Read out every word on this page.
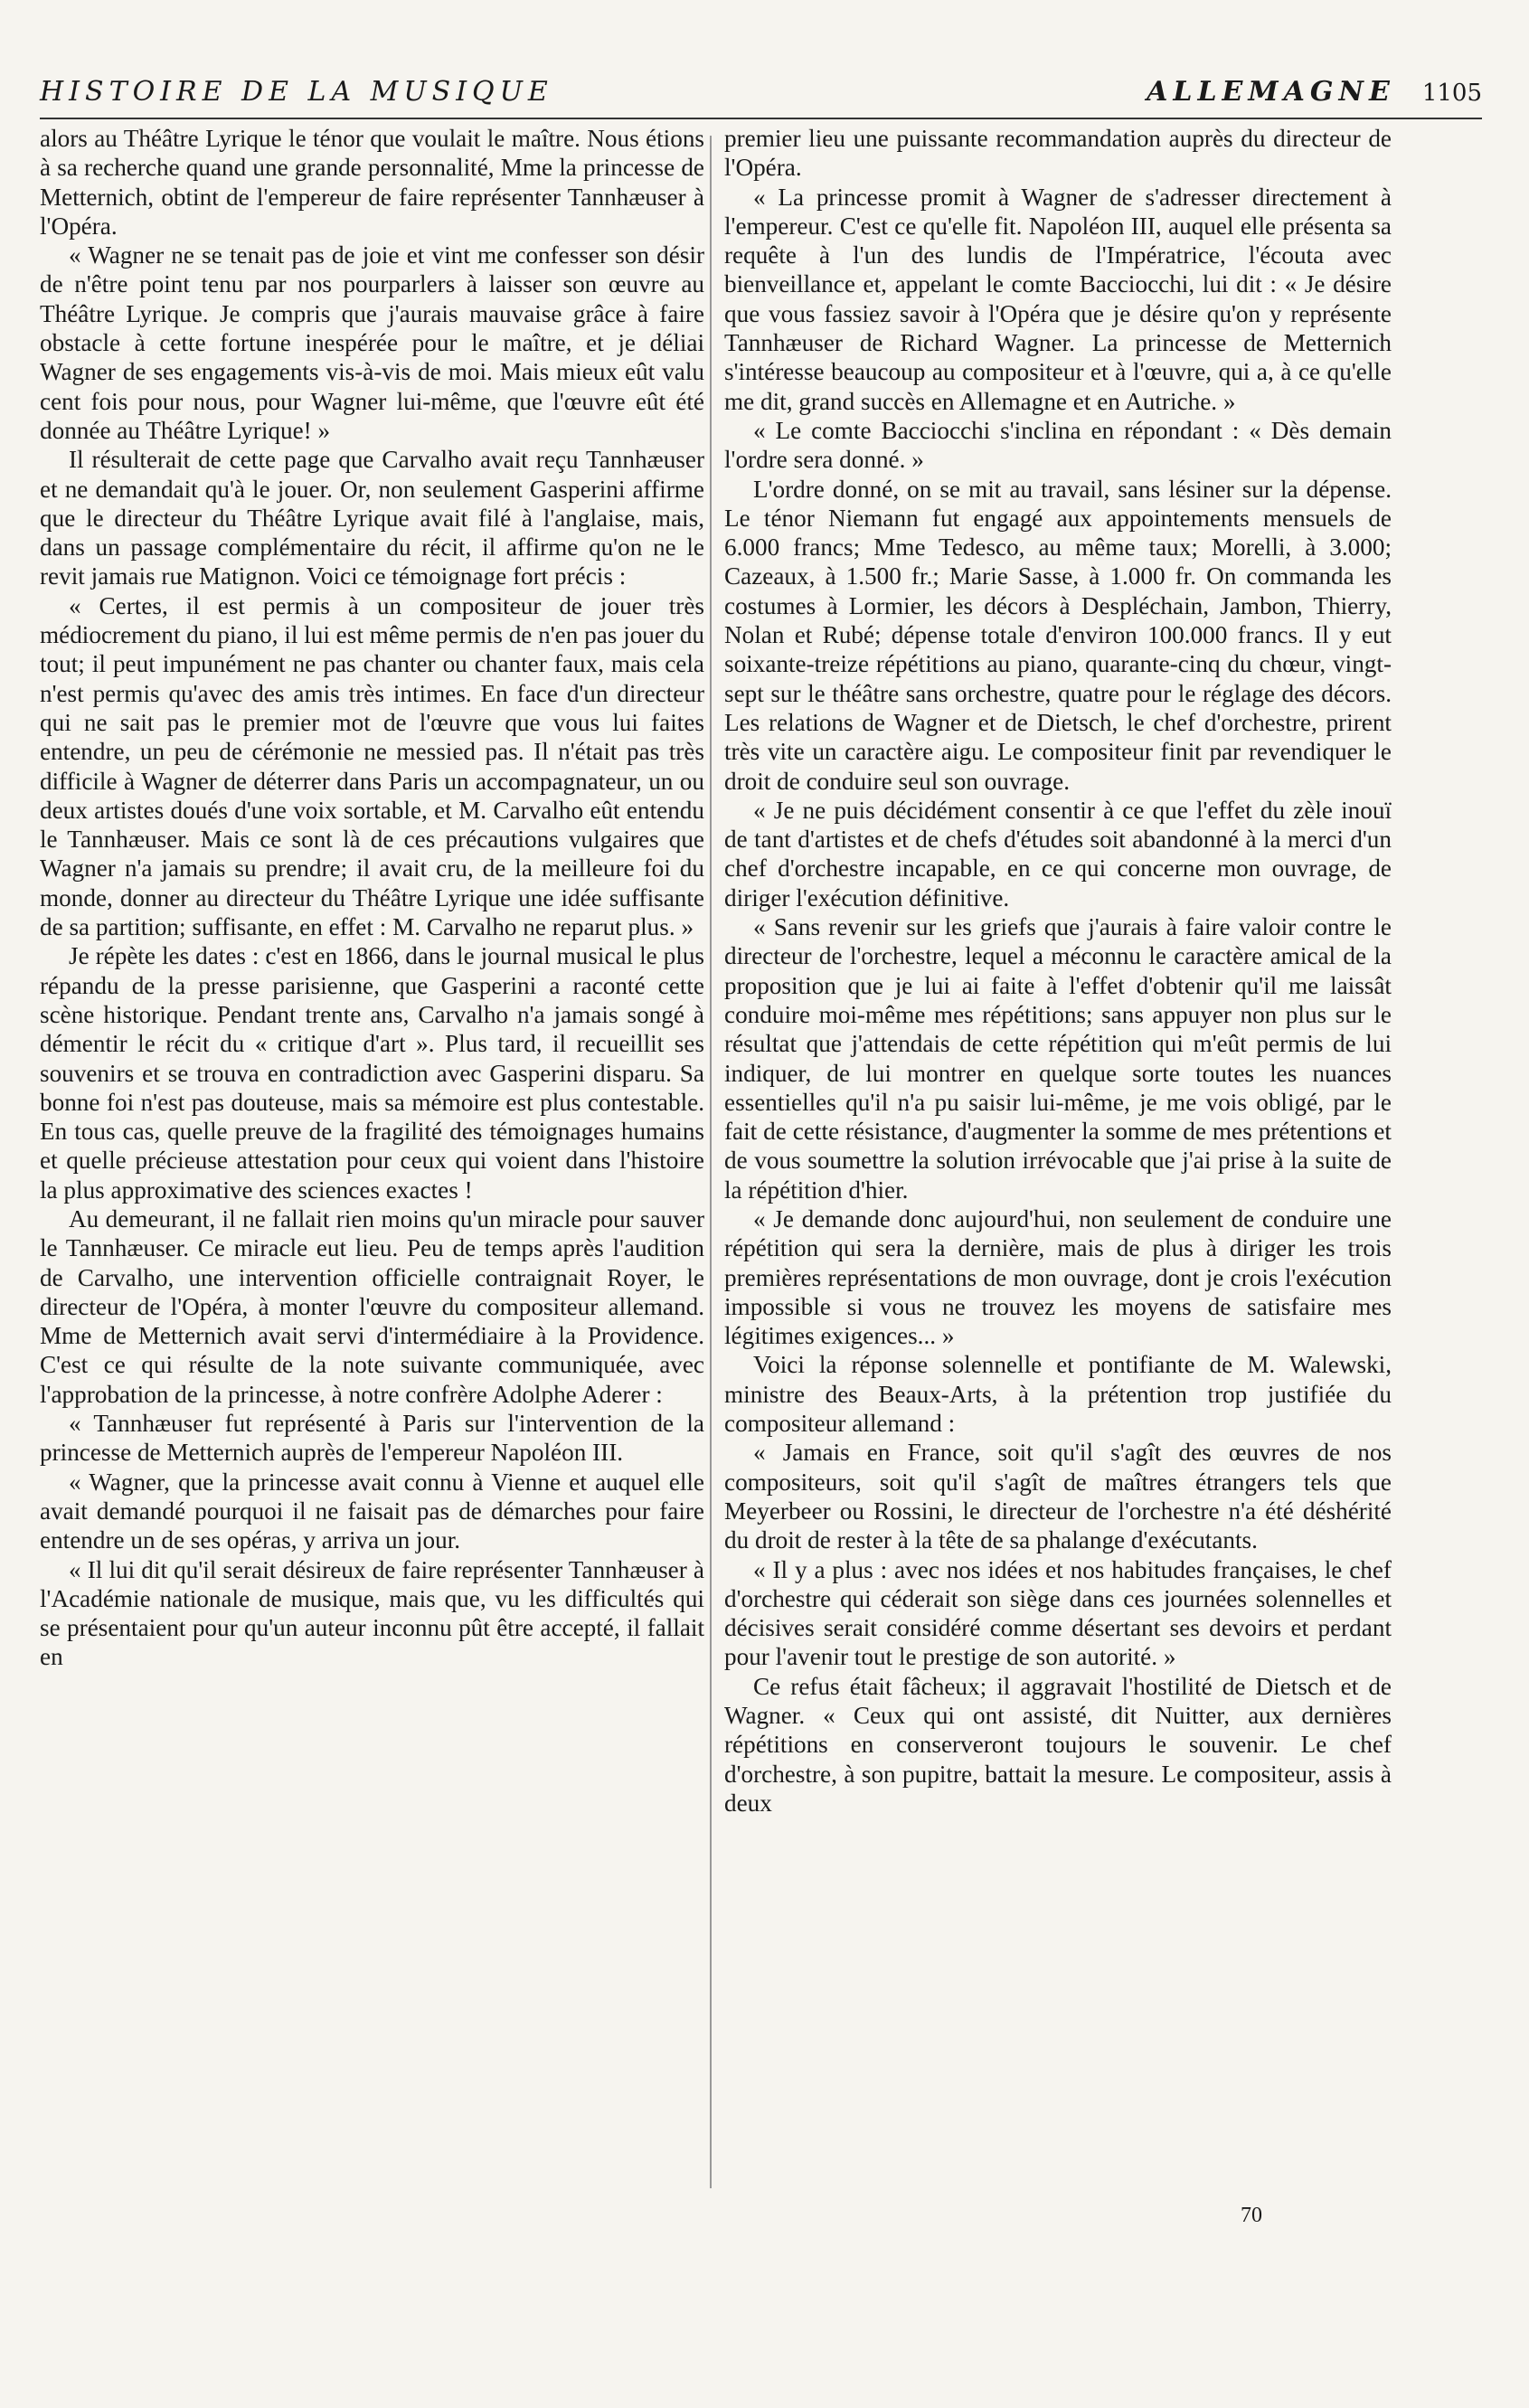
HISTOIRE DE LA MUSIQUE	ALLEMAGNE 1105

alors au Théâtre Lyrique le ténor que voulait le maître. Nous étions à sa recherche quand une grande personnalité, Mme la princesse de Metternich, obtint de l'empereur de faire représenter Tannhæuser à l'Opéra.

« Wagner ne se tenait pas de joie et vint me confesser son désir de n'être point tenu par nos pourparlers à laisser son œuvre au Théâtre Lyrique. Je compris que j'aurais mauvaise grâce à faire obstacle à cette fortune inespérée pour le maître, et je déliai Wagner de ses engagements vis-à-vis de moi. Mais mieux eût valu cent fois pour nous, pour Wagner lui-même, que l'œuvre eût été donnée au Théâtre Lyrique! »

Il résulterait de cette page que Carvalho avait reçu Tannhæuser et ne demandait qu'à le jouer. Or, non seulement Gasperini affirme que le directeur du Théâtre Lyrique avait filé à l'anglaise, mais, dans un passage complémentaire du récit, il affirme qu'on ne le revit jamais rue Matignon. Voici ce témoignage fort précis :

« Certes, il est permis à un compositeur de jouer très médiocrement du piano, il lui est même permis de n'en pas jouer du tout; il peut impunément ne pas chanter ou chanter faux, mais cela n'est permis qu'avec des amis très intimes. En face d'un directeur qui ne sait pas le premier mot de l'œuvre que vous lui faites entendre, un peu de cérémonie ne messied pas. Il n'était pas très difficile à Wagner de déterrer dans Paris un accompagnateur, un ou deux artistes doués d'une voix sortable, et M. Carvalho eût entendu le Tannhæuser. Mais ce sont là de ces précautions vulgaires que Wagner n'a jamais su prendre; il avait cru, de la meilleure foi du monde, donner au directeur du Théâtre Lyrique une idée suffisante de sa partition; suffisante, en effet : M. Carvalho ne reparut plus. »

Je répète les dates : c'est en 1866, dans le journal musical le plus répandu de la presse parisienne, que Gasperini a raconté cette scène historique. Pendant trente ans, Carvalho n'a jamais songé à démentir le récit du « critique d'art ». Plus tard, il recueillit ses souvenirs et se trouva en contradiction avec Gasperini disparu. Sa bonne foi n'est pas douteuse, mais sa mémoire est plus contestable. En tous cas, quelle preuve de la fragilité des témoignages humains et quelle précieuse attestation pour ceux qui voient dans l'histoire la plus approximative des sciences exactes !

Au demeurant, il ne fallait rien moins qu'un miracle pour sauver le Tannhæuser. Ce miracle eut lieu. Peu de temps après l'audition de Carvalho, une intervention officielle contraignait Royer, le directeur de l'Opéra, à monter l'œuvre du compositeur allemand. Mme de Metternich avait servi d'intermédiaire à la Providence. C'est ce qui résulte de la note suivante communiquée, avec l'approbation de la princesse, à notre confrère Adolphe Aderer :

« Tannhæuser fut représenté à Paris sur l'intervention de la princesse de Metternich auprès de l'empereur Napoléon III.

« Wagner, que la princesse avait connu à Vienne et auquel elle avait demandé pourquoi il ne faisait pas de démarches pour faire entendre un de ses opéras, y arriva un jour.

« Il lui dit qu'il serait désireux de faire représenter Tannhæuser à l'Académie nationale de musique, mais que, vu les difficultés qui se présentaient pour qu'un auteur inconnu pût être accepté, il fallait en

premier lieu une puissante recommandation auprès du directeur de l'Opéra.

« La princesse promit à Wagner de s'adresser directement à l'empereur. C'est ce qu'elle fit. Napoléon III, auquel elle présenta sa requête à l'un des lundis de l'Impératrice, l'écouta avec bienveillance et, appelant le comte Bacciocchi, lui dit : « Je désire que vous fassiez savoir à l'Opéra que je désire qu'on y représente Tannhæuser de Richard Wagner. La princesse de Metternich s'intéresse beaucoup au compositeur et à l'œuvre, qui a, à ce qu'elle me dit, grand succès en Allemagne et en Autriche. »

« Le comte Bacciocchi s'inclina en répondant : « Dès demain l'ordre sera donné. »

L'ordre donné, on se mit au travail, sans lésiner sur la dépense. Le ténor Niemann fut engagé aux appointements mensuels de 6.000 francs; Mme Tedesco, au même taux; Morelli, à 3.000; Cazeaux, à 1.500 fr.; Marie Sasse, à 1.000 fr. On commanda les costumes à Lormier, les décors à Despléchain, Jambon, Thierry, Nolan et Rubé; dépense totale d'environ 100.000 francs. Il y eut soixante-treize répétitions au piano, quarante-cinq du chœur, vingt-sept sur le théâtre sans orchestre, quatre pour le réglage des décors. Les relations de Wagner et de Dietsch, le chef d'orchestre, prirent très vite un caractère aigu. Le compositeur finit par revendiquer le droit de conduire seul son ouvrage.

« Je ne puis décidément consentir à ce que l'effet du zèle inouï de tant d'artistes et de chefs d'études soit abandonné à la merci d'un chef d'orchestre incapable, en ce qui concerne mon ouvrage, de diriger l'exécution définitive.

« Sans revenir sur les griefs que j'aurais à faire valoir contre le directeur de l'orchestre, lequel a méconnu le caractère amical de la proposition que je lui ai faite à l'effet d'obtenir qu'il me laissât conduire moi-même mes répétitions; sans appuyer non plus sur le résultat que j'attendais de cette répétition qui m'eût permis de lui indiquer, de lui montrer en quelque sorte toutes les nuances essentielles qu'il n'a pu saisir lui-même, je me vois obligé, par le fait de cette résistance, d'augmenter la somme de mes prétentions et de vous soumettre la solution irrévocable que j'ai prise à la suite de la répétition d'hier.

« Je demande donc aujourd'hui, non seulement de conduire une répétition qui sera la dernière, mais de plus à diriger les trois premières représentations de mon ouvrage, dont je crois l'exécution impossible si vous ne trouvez les moyens de satisfaire mes légitimes exigences... »

Voici la réponse solennelle et pontifiante de M. Walewski, ministre des Beaux-Arts, à la prétention trop justifiée du compositeur allemand :

« Jamais en France, soit qu'il s'agît des œuvres de nos compositeurs, soit qu'il s'agît de maîtres étrangers tels que Meyerbeer ou Rossini, le directeur de l'orchestre n'a été déshérité du droit de rester à la tête de sa phalange d'exécutants.

« Il y a plus : avec nos idées et nos habitudes françaises, le chef d'orchestre qui céderait son siège dans ces journées solennelles et décisives serait considéré comme désertant ses devoirs et perdant pour l'avenir tout le prestige de son autorité. »

Ce refus était fâcheux; il aggravait l'hostilité de Dietsch et de Wagner. « Ceux qui ont assisté, dit Nuitter, aux dernières répétitions en conserveront toujours le souvenir. Le chef d'orchestre, à son pupitre, battait la mesure. Le compositeur, assis à deux

70
